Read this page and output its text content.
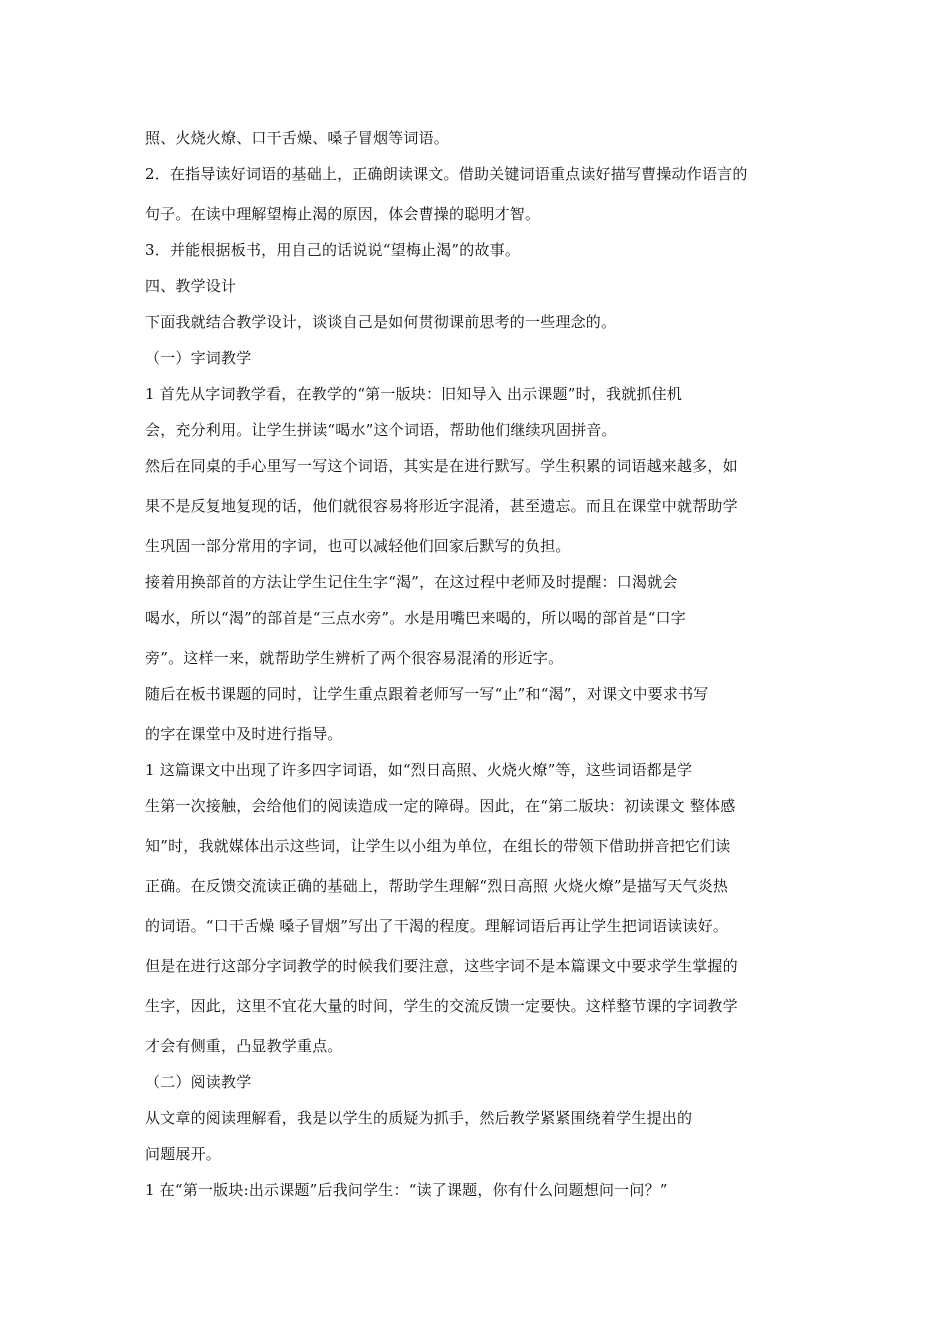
照、火烧火燎、口干舌燥、嗓子冒烟等词语。
2．在指导读好词语的基础上，正确朗读课文。借助关键词语重点读好描写曹操动作语言的
句子。在读中理解望梅止渴的原因，体会曹操的聪明才智。
3．并能根据板书，用自己的话说说“望梅止渴”的故事。
四、教学设计
下面我就结合教学设计，谈谈自己是如何贯彻课前思考的一些理念的。
（一）字词教学
1 首先从字词教学看，在教学的“第一版块：旧知导入 出示课题”时，我就抓住机
会，充分利用。让学生拼读“喝水”这个词语，帮助他们继续巩固拼音。
然后在同桌的手心里写一写这个词语，其实是在进行默写。学生积累的词语越来越多，如
果不是反复地复现的话，他们就很容易将形近字混淆，甚至遗忘。而且在课堂中就帮助学
生巩固一部分常用的字词，也可以减轻他们回家后默写的负担。
接着用换部首的方法让学生记住生字“渴”，在这过程中老师及时提醒：口渴就会
喝水，所以“渴”的部首是“三点水旁”。水是用嘴巴来喝的，所以喝的部首是“口字
旁”。这样一来，就帮助学生辨析了两个很容易混淆的形近字。
随后在板书课题的同时，让学生重点跟着老师写一写“止”和“渴”，对课文中要求书写
的字在课堂中及时进行指导。
1 这篇课文中出现了许多四字词语，如“烈日高照、火烧火燎”等，这些词语都是学
生第一次接触，会给他们的阅读造成一定的障碍。因此，在“第二版块：初读课文 整体感
知”时，我就媒体出示这些词，让学生以小组为单位，在组长的带领下借助拼音把它们读
正确。在反馈交流读正确的基础上，帮助学生理解“烈日高照 火烧火燎”是描写天气炎热
的词语。“口干舌燥 嗓子冒烟”写出了干渴的程度。理解词语后再让学生把词语读读好。
但是在进行这部分字词教学的时候我们要注意，这些字词不是本篇课文中要求学生掌握的
生字，因此，这里不宜花大量的时间，学生的交流反馈一定要快。这样整节课的字词教学
才会有侧重，凸显教学重点。
（二）阅读教学
从文章的阅读理解看，我是以学生的质疑为抓手，然后教学紧紧围绕着学生提出的
问题展开。
1 在“第一版块:出示课题”后我问学生：“读了课题，你有什么问题想问一问？”
